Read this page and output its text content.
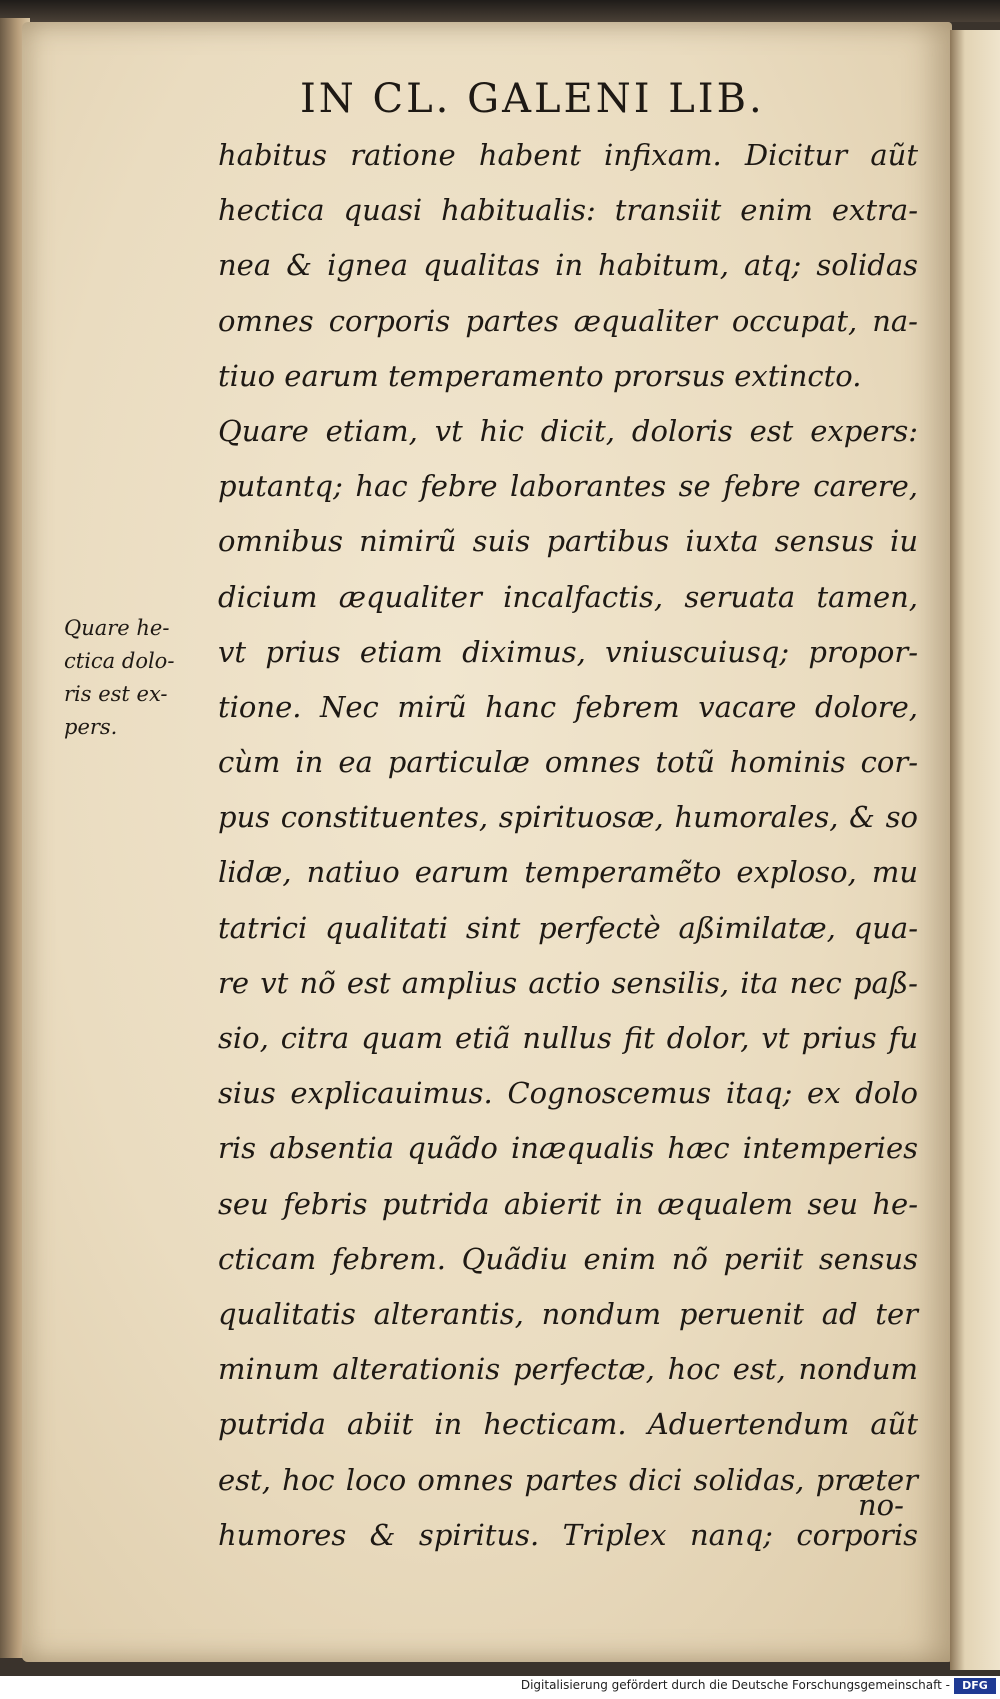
IN CL. GALENI LIB.
Quare he-
ctica dolo-
ris est ex-
pers.
habitus ratione habent infixam. Dicitur aũt
hectica quasi habitualis: transiit enim extra-
nea & ignea qualitas in habitum, atq; solidas
omnes corporis partes æqualiter occupat, na-
tiuo earum temperamento prorsus extincto.
Quare etiam, vt hic dicit, doloris est expers:
putantq; hac febre laborantes se febre carere,
omnibus nimirũ suis partibus iuxta sensus iu
dicium æqualiter incalfactis, seruata tamen,
vt prius etiam diximus, vniuscuiusq; propor-
tione. Nec mirũ hanc febrem vacare dolore,
cùm in ea particulæ omnes totũ hominis cor-
pus constituentes, spirituosæ, humorales, & so
lidæ, natiuo earum temperamẽto exploso, mu
tatrici qualitati sint perfectè aßimilatæ, qua-
re vt nõ est amplius actio sensilis, ita nec paß-
sio, citra quam etiã nullus fit dolor, vt prius fu
sius explicauimus. Cognoscemus itaq; ex dolo
ris absentia quãdo inæqualis hæc intemperies
seu febris putrida abierit in æqualem seu he-
cticam febrem. Quãdiu enim nõ periit sensus
qualitatis alterantis, nondum peruenit ad ter
minum alterationis perfectæ, hoc est, nondum
putrida abiit in hecticam. Aduertendum aũt
est, hoc loco omnes partes dici solidas, præter
humores & spiritus. Triplex nanq; corporis
no-
Digitalisierung gefördert durch die Deutsche Forschungsgemeinschaft -	DFG
